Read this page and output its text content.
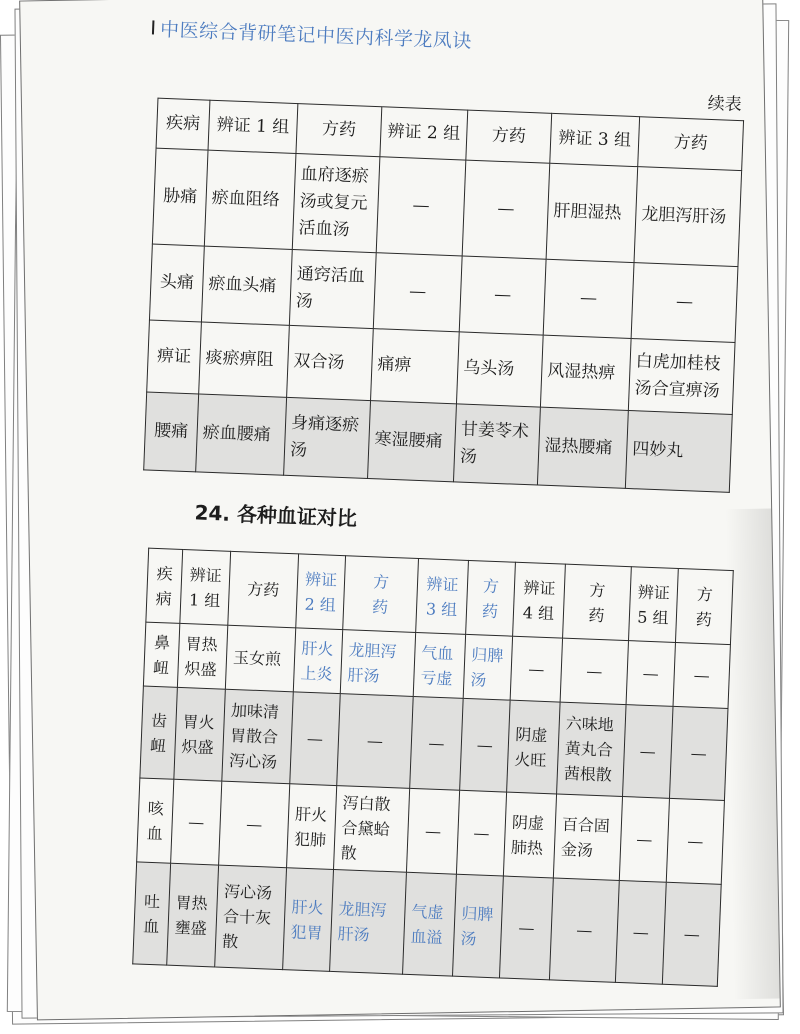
中医综合背研笔记中医内科学龙凤诀
续表
疾病	辨证 1 组	方药	辨证 2 组	方药	辨证 3 组	方药
胁痛	瘀血阻络	血府逐瘀汤或复元活血汤	—	—	肝胆湿热	龙胆泻肝汤
头痛	瘀血头痛	通窍活血汤	—	—	—	—
痹证	痰瘀痹阻	双合汤	痛痹	乌头汤	风湿热痹	白虎加桂枝汤合宣痹汤
腰痛	瘀血腰痛	身痛逐瘀汤	寒湿腰痛	甘姜苓术汤	湿热腰痛	四妙丸
24. 各种血证对比
疾病	辨证 1 组	方药	辨证 2 组	方药	辨证 3 组	方药	辨证 4 组	方药	辨证 5 组	方药
鼻衄	胃热炽盛	玉女煎	肝火上炎	龙胆泻肝汤	气血亏虚	归脾汤	—	—	—	—
齿衄	胃火炽盛	加味清胃散合泻心汤	—	—	—	—	阴虚火旺	六味地黄丸合茜根散	—	—
咳血	—	—	肝火犯肺	泻白散合黛蛤散	—	—	阴虚肺热	百合固金汤	—	—
吐血	胃热壅盛	泻心汤合十灰散	肝火犯胃	龙胆泻肝汤	气虚血溢	归脾汤	—	—	—	—
